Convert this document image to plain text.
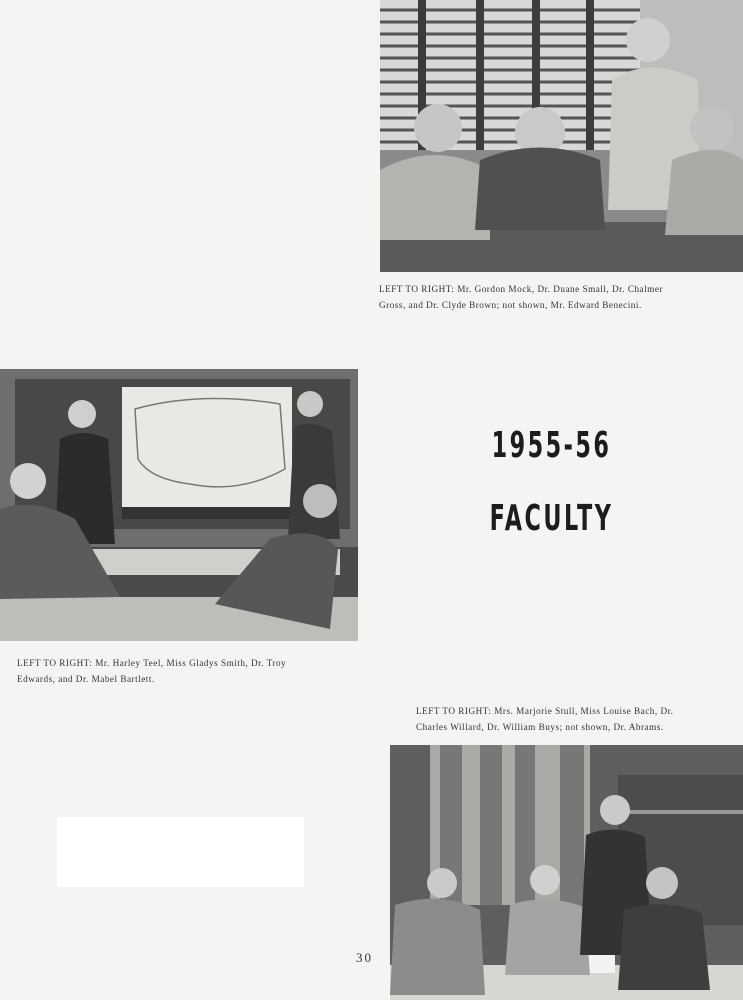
LEFT TO RIGHT: Mr. Gordon Mock, Dr. Duane Small, Dr. Chalmer
Gross, and Dr. Clyde Brown; not shown, Mr. Edward Benecini.
LEFT TO RIGHT: Mr. Harley Teel, Miss Gladys Smith, Dr. Troy
Edwards, and Dr. Mabel Bartlett.
1955-56
FACULTY
LEFT TO RIGHT: Mrs. Marjorie Stull, Miss Louise Bach, Dr.
Charles Willard, Dr. William Buys; not shown, Dr. Abrams.
30
